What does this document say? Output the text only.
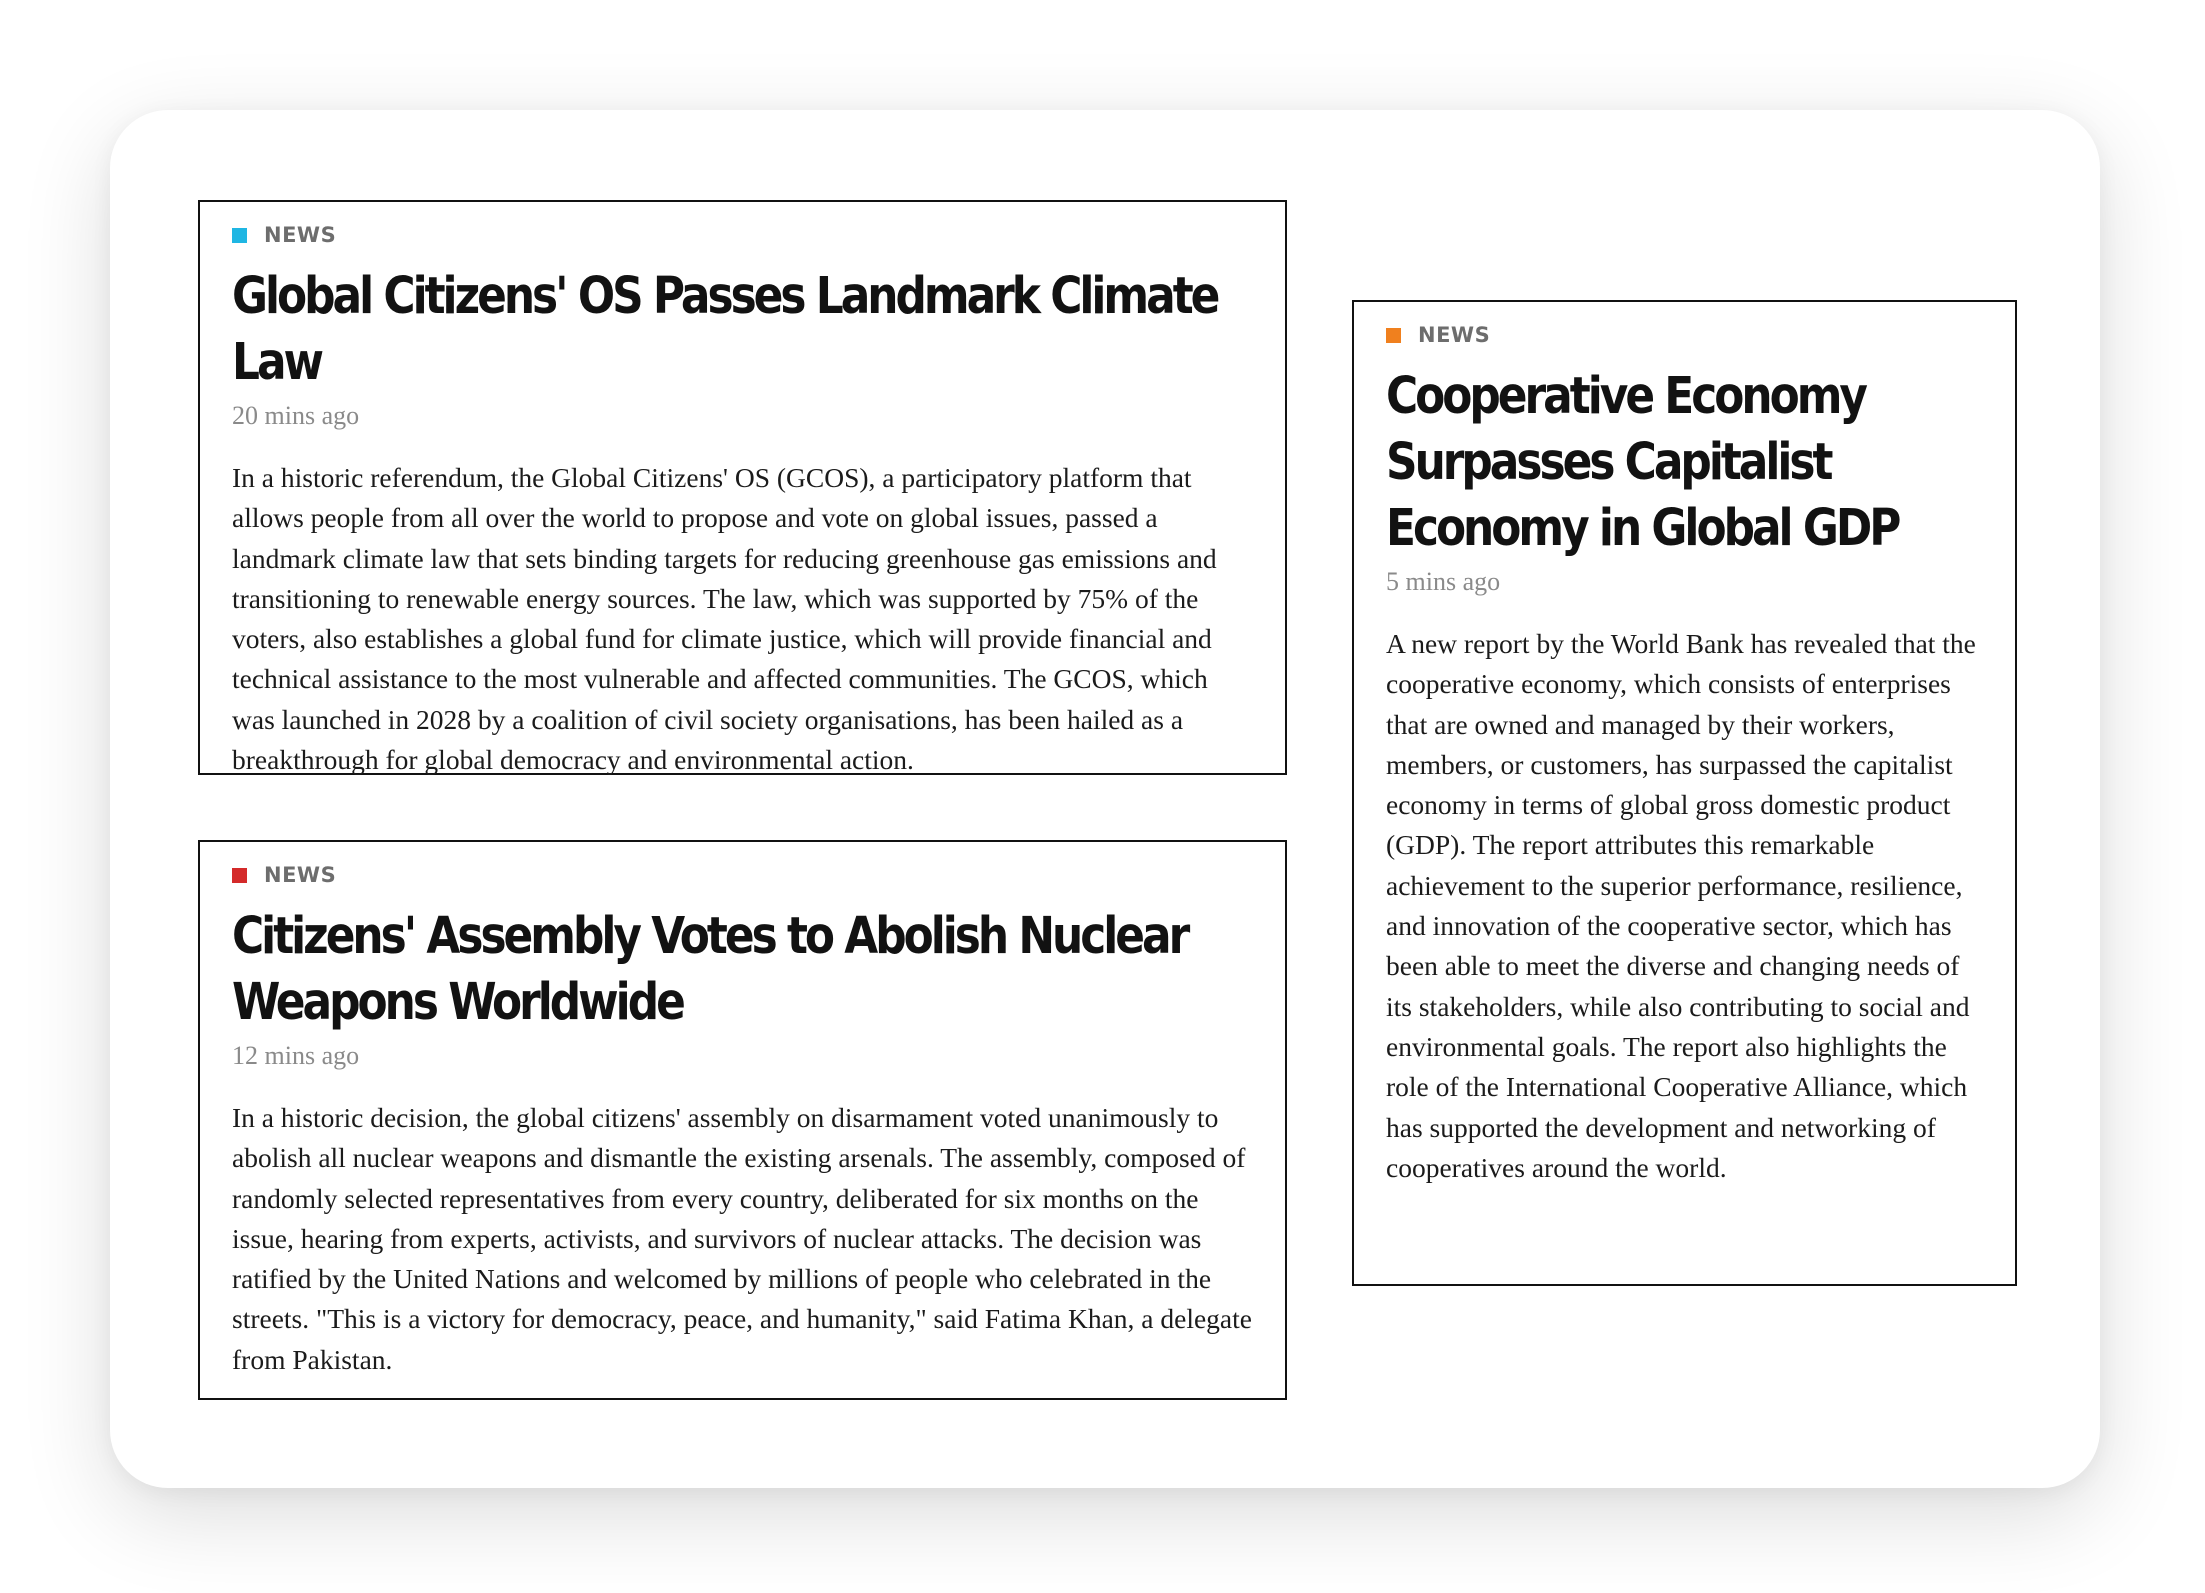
NEWS
Global Citizens' OS Passes Landmark Climate Law
20 mins ago
In a historic referendum, the Global Citizens' OS (GCOS), a participatory platform that allows people from all over the world to propose and vote on global issues, passed a landmark climate law that sets binding targets for reducing greenhouse gas emissions and transitioning to renewable energy sources. The law, which was supported by 75% of the voters, also establishes a global fund for climate justice, which will provide financial and technical assistance to the most vulnerable and affected communities. The GCOS, which was launched in 2028 by a coalition of civil society organisations, has been hailed as a breakthrough for global democracy and environmental action.
NEWS
Citizens' Assembly Votes to Abolish Nuclear Weapons Worldwide
12 mins ago
In a historic decision, the global citizens' assembly on disarmament voted unanimously to abolish all nuclear weapons and dismantle the existing arsenals. The assembly, composed of randomly selected representatives from every country, deliberated for six months on the issue, hearing from experts, activists, and survivors of nuclear attacks. The decision was ratified by the United Nations and welcomed by millions of people who celebrated in the streets. "This is a victory for democracy, peace, and humanity," said Fatima Khan, a delegate from Pakistan.
NEWS
Cooperative Economy Surpasses Capitalist Economy in Global GDP
5 mins ago
A new report by the World Bank has revealed that the cooperative economy, which consists of enterprises that are owned and managed by their workers, members, or customers, has surpassed the capitalist economy in terms of global gross domestic product (GDP). The report attributes this remarkable achievement to the superior performance, resilience, and innovation of the cooperative sector, which has been able to meet the diverse and changing needs of its stakeholders, while also contributing to social and environmental goals. The report also highlights the role of the International Cooperative Alliance, which has supported the development and networking of cooperatives around the world.
